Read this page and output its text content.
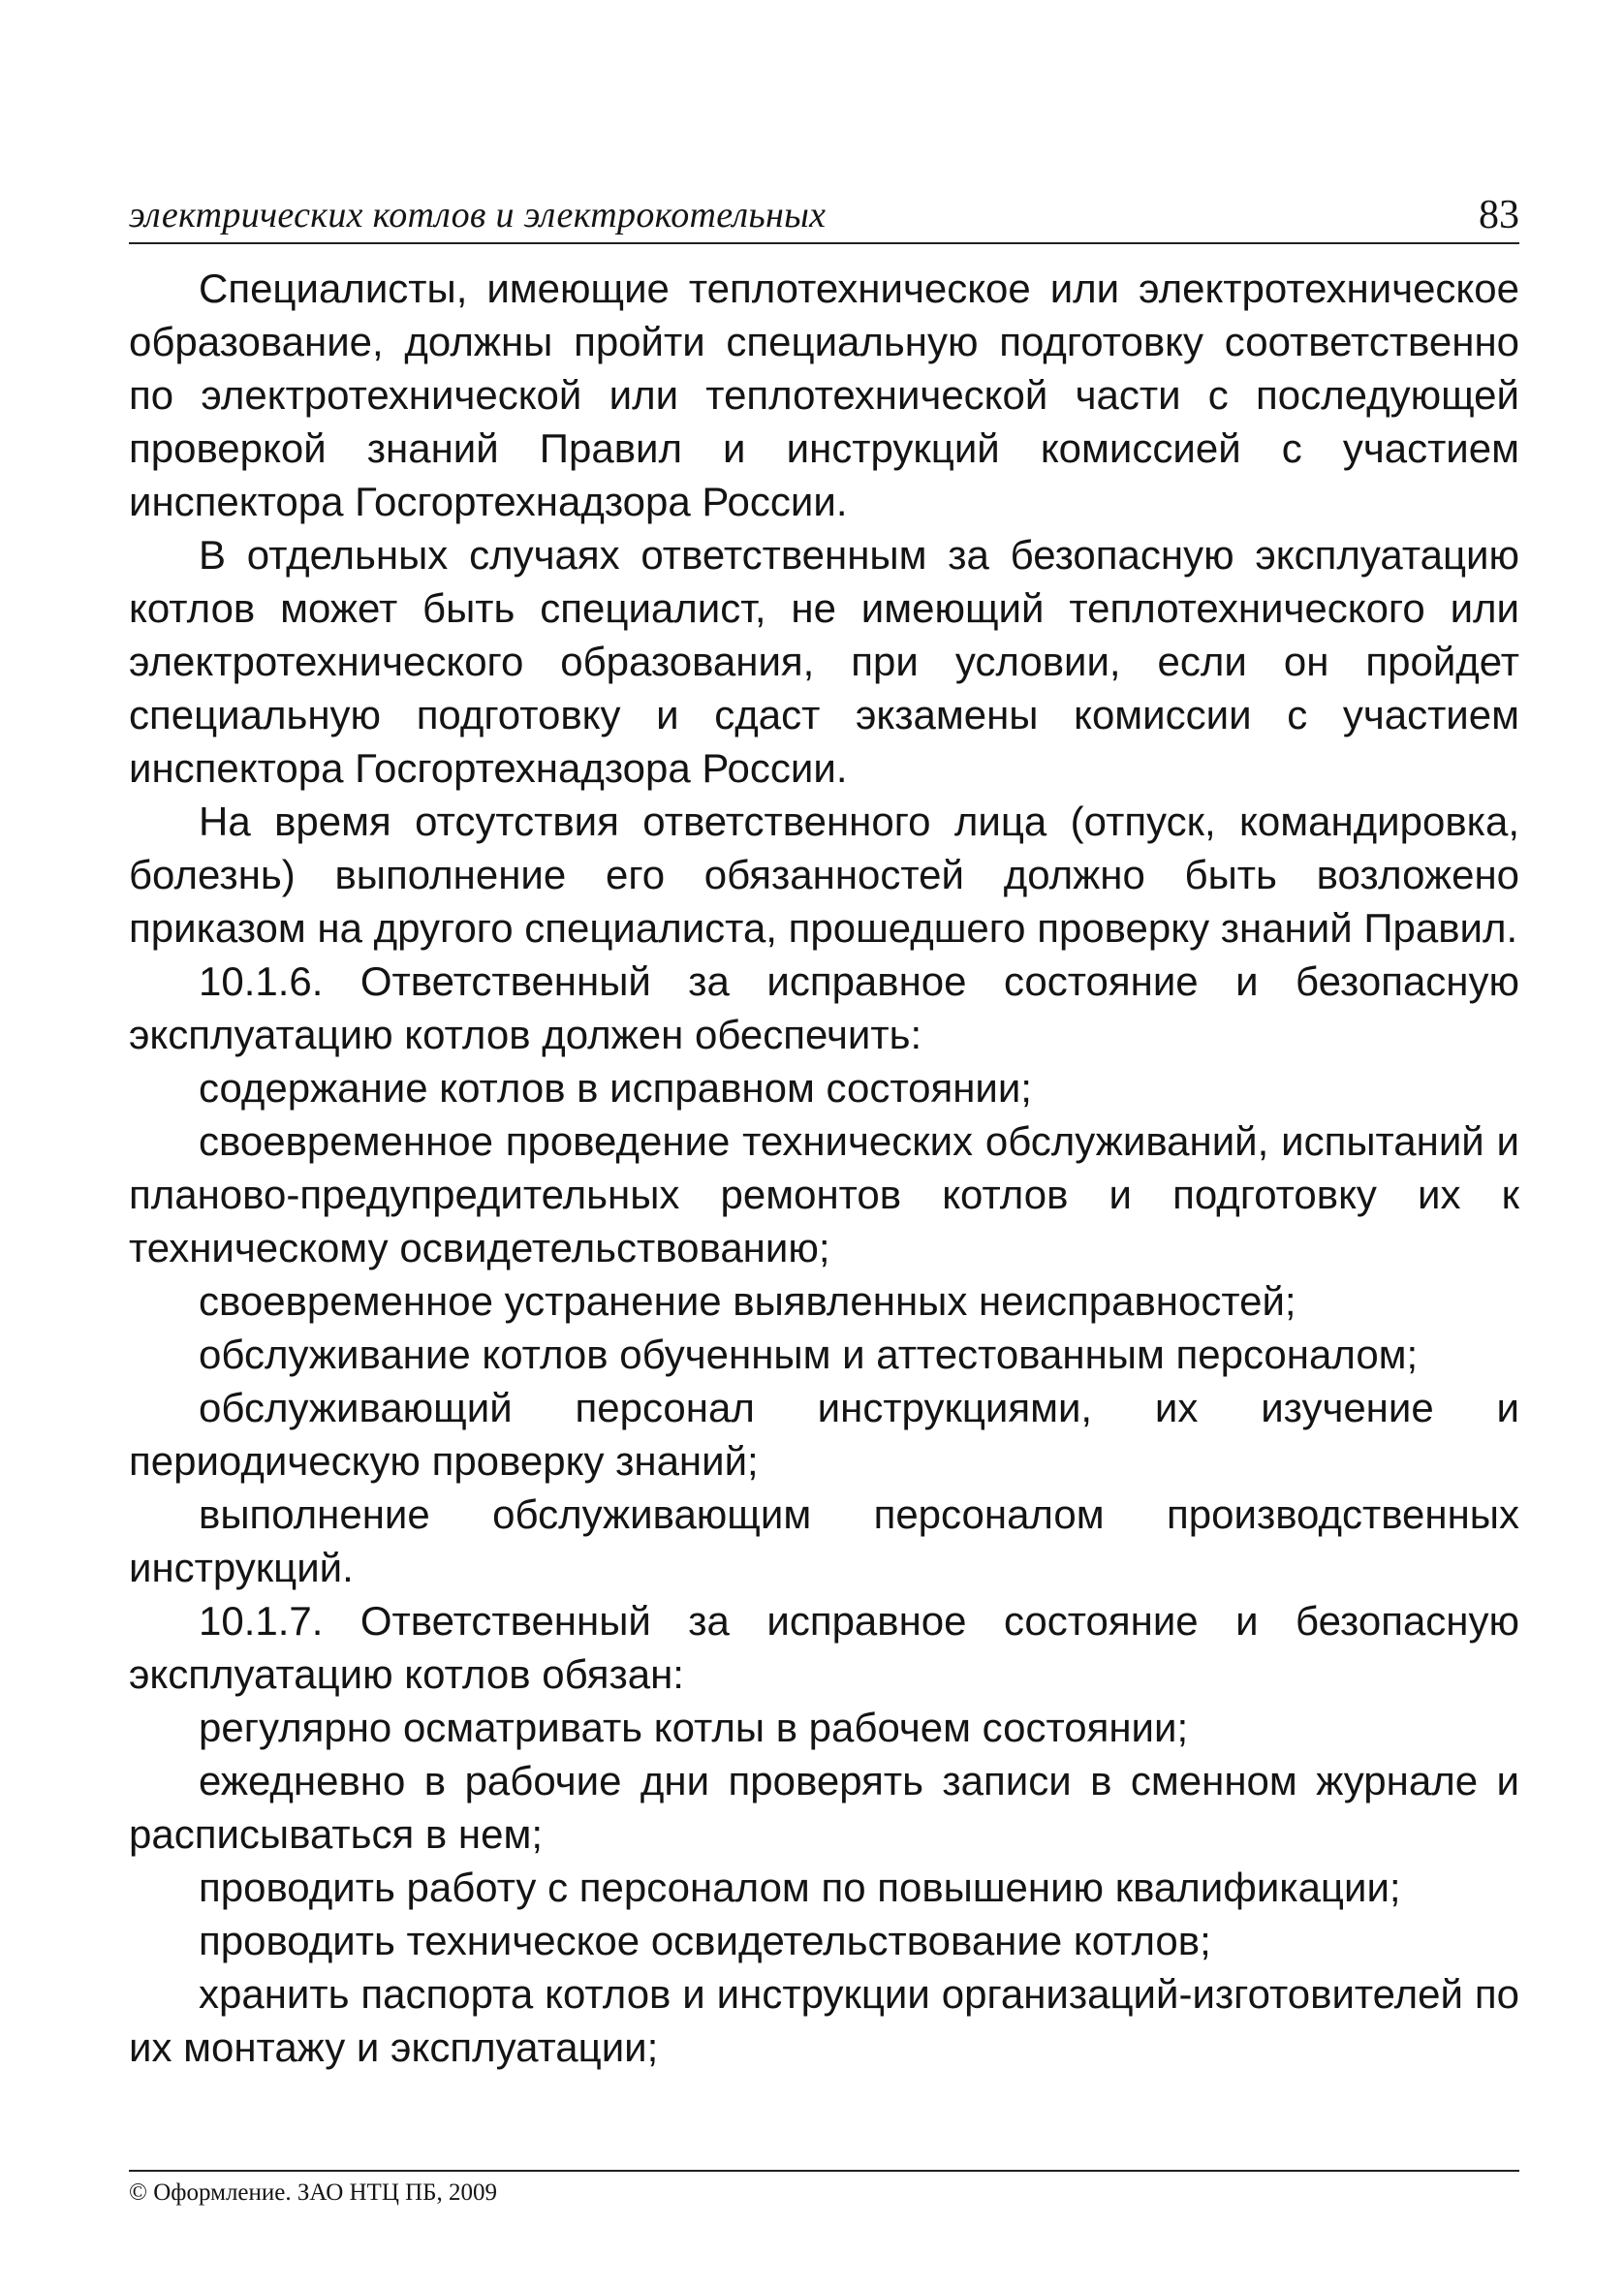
электрических котлов и электрокотельных	83

Специалисты, имеющие теплотехническое или электротехническое образование, должны пройти специальную подготовку соответственно по электротехнической или теплотехнической части с последующей проверкой знаний Правил и инструкций комиссией с участием инспектора Госгортехнадзора России.

В отдельных случаях ответственным за безопасную эксплуатацию котлов может быть специалист, не имеющий теплотехнического или электротехнического образования, при условии, если он пройдет специальную подготовку и сдаст экзамены комиссии с участием инспектора Госгортехнадзора России.

На время отсутствия ответственного лица (отпуск, командировка, болезнь) выполнение его обязанностей должно быть возложено приказом на другого специалиста, прошедшего проверку знаний Правил.

10.1.6. Ответственный за исправное состояние и безопасную эксплуатацию котлов должен обеспечить:

содержание котлов в исправном состоянии;

своевременное проведение технических обслуживаний, испытаний и планово-предупредительных ремонтов котлов и подготовку их к техническому освидетельствованию;

своевременное устранение выявленных неисправностей;

обслуживание котлов обученным и аттестованным персоналом;

обслуживающий персонал инструкциями, их изучение и периодическую проверку знаний;

выполнение обслуживающим персоналом производственных инструкций.

10.1.7. Ответственный за исправное состояние и безопасную эксплуатацию котлов обязан:

регулярно осматривать котлы в рабочем состоянии;

ежедневно в рабочие дни проверять записи в сменном журнале и расписываться в нем;

проводить работу с персоналом по повышению квалификации;

проводить техническое освидетельствование котлов;

хранить паспорта котлов и инструкции организаций-изготовителей по их монтажу и эксплуатации;

© Оформление. ЗАО НТЦ ПБ, 2009
